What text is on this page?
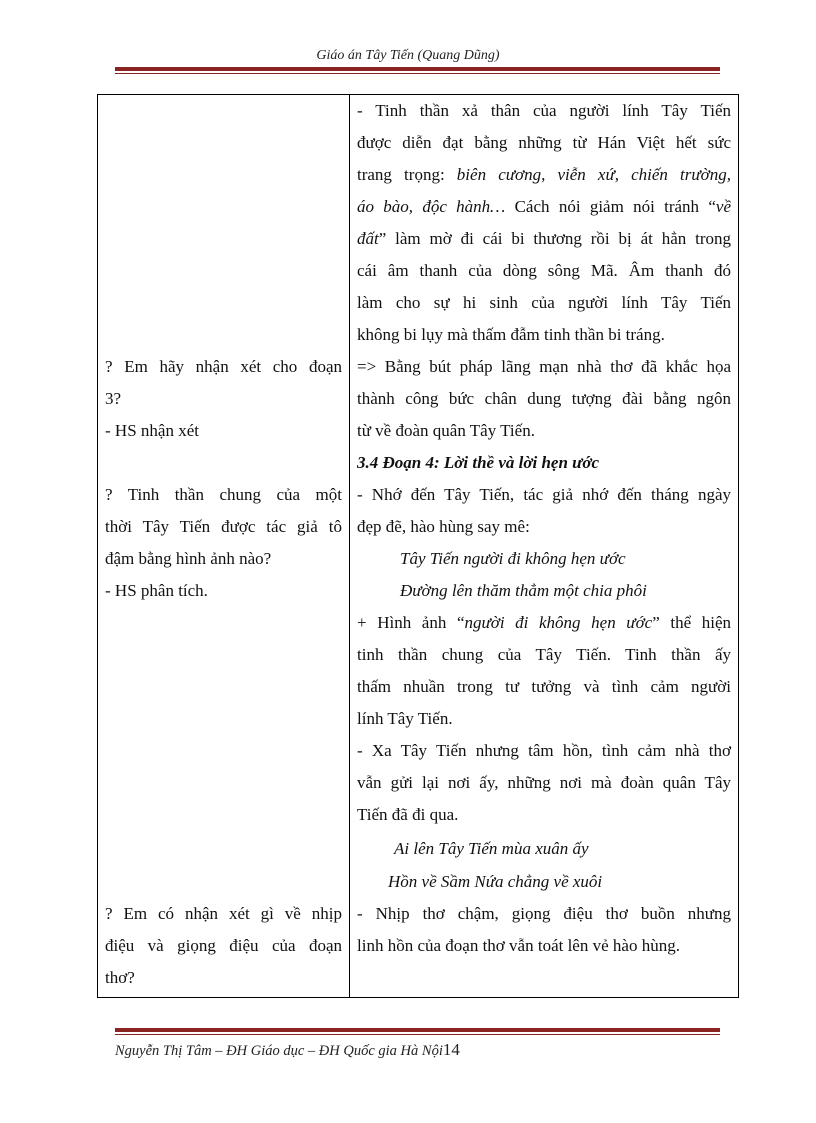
Giáo án Tây Tiến (Quang Dũng)
? Em hãy nhận xét cho đoạn
3?
- HS nhận xét
? Tinh thần chung của một
thời Tây Tiến được tác giả tô
đậm bằng hình ảnh nào?
- HS phân tích.
? Em có nhận xét gì về nhịp
điệu và giọng điệu của đoạn
thơ?
- Tinh thần xả thân của người lính Tây Tiến
được diễn đạt bằng những từ Hán Việt hết sức
trang trọng: biên cương, viễn xứ, chiến trường,
áo bào, độc hành… Cách nói giảm nói tránh “về
đất” làm mờ đi cái bi thương rồi bị át hẳn trong
cái âm thanh của dòng sông Mã. Âm thanh đó
làm cho sự hi sinh của người lính Tây Tiến
không bi lụy mà thấm đẫm tinh thần bi tráng.
=> Bằng bút pháp lãng mạn nhà thơ đã khắc họa
thành công bức chân dung tượng đài bằng ngôn
từ về đoàn quân Tây Tiến.
3.4 Đoạn 4: Lời thề và lời hẹn ước
- Nhớ đến Tây Tiến, tác giả nhớ đến tháng ngày
đẹp đẽ, hào hùng say mê:
Tây Tiến người đi không hẹn ước
Đường lên thăm thẳm một chia phôi
+ Hình ảnh “người đi không hẹn ước” thể hiện
tinh thần chung của Tây Tiến. Tinh thần ấy
thấm nhuần trong tư tưởng và tình cảm người
lính Tây Tiến.
- Xa Tây Tiến nhưng tâm hồn, tình cảm nhà thơ
vẫn gửi lại nơi ấy, những nơi mà đoàn quân Tây
Tiến đã đi qua.
Ai lên Tây Tiến mùa xuân ấy
Hồn về Sầm Nứa chẳng về xuôi
- Nhịp thơ chậm, giọng điệu thơ buồn nhưng
linh hồn của đoạn thơ vẫn toát lên vẻ hào hùng.
Nguyễn Thị Tâm – ĐH Giáo dục – ĐH Quốc gia Hà Nội14
